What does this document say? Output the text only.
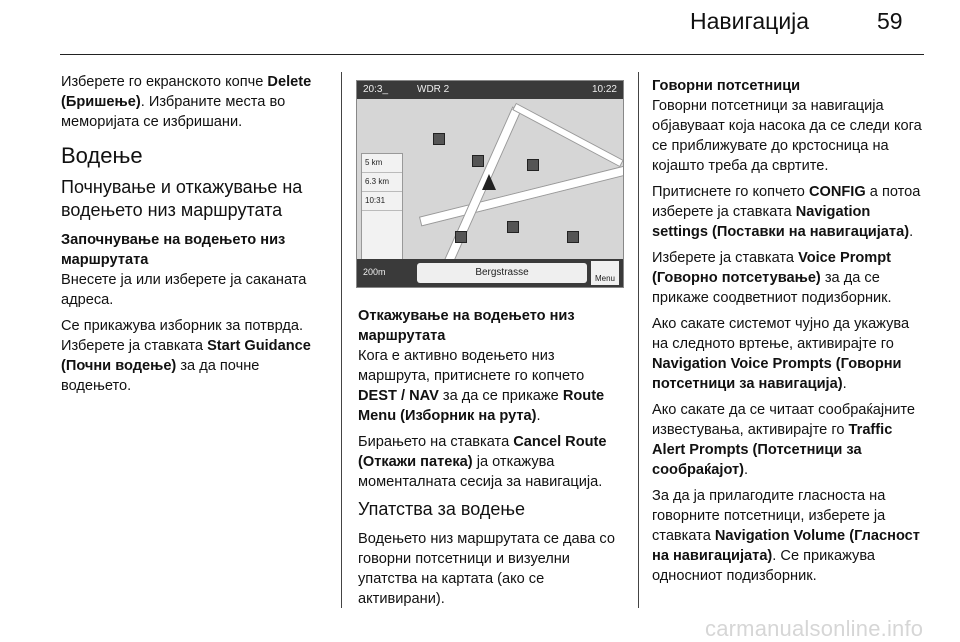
Навигација	59

Изберете го екранското копче Delete (Бришење). Избраните места во меморијата се избришани.

Водење
Почнување и откажување на водењето низ маршрутата
Започнување на водењето низ маршрутата

Внесете ја или изберете ја саканата адреса.

Се прикажува изборник за потврда. Изберете ја ставката Start Guidance (Почни водење) за да почне водењето.

20:3_	WDR 2	10:22
5 km
6.3 km
10:31
200m	Bergstrasse
Menu
Откажување на водењето низ маршрутата

Кога е активно водењето низ маршрута, притиснете го копчето DEST / NAV за да се прикаже Route Menu (Изборник на рута).

Бирањето на ставката Cancel Route (Откажи патека) ја откажува моменталната сесија за навигација.

Упатства за водење

Водењето низ маршрутата се дава со говорни потсетници и визуелни упатства на картата (ако се активирани).

Говорни потсетници

Говорни потсетници за навигација објавуваат која насока да се следи кога се приближувате до крстосница на којашто треба да свртите.

Притиснете го копчето CONFIG а потоа изберете ја ставката Navigation settings (Поставки на навигацијата).

Изберете ја ставката Voice Prompt (Говорно потсетување) за да се прикаже соодветниот подизборник.

Ако сакате системот чујно да укажува на следното вртење, активирајте го Navigation Voice Prompts (Говорни потсетници за навигација).

Ако сакате да се читаат сообраќајните известувања, активирајте го Traffic Alert Prompts (Потсетници за сообраќајот).

За да ја прилагодите гласноста на говорните потсетници, изберете ја ставката Navigation Volume (Гласност на навигацијата). Се прикажува односниот подизборник.

carmanualsonline.info
